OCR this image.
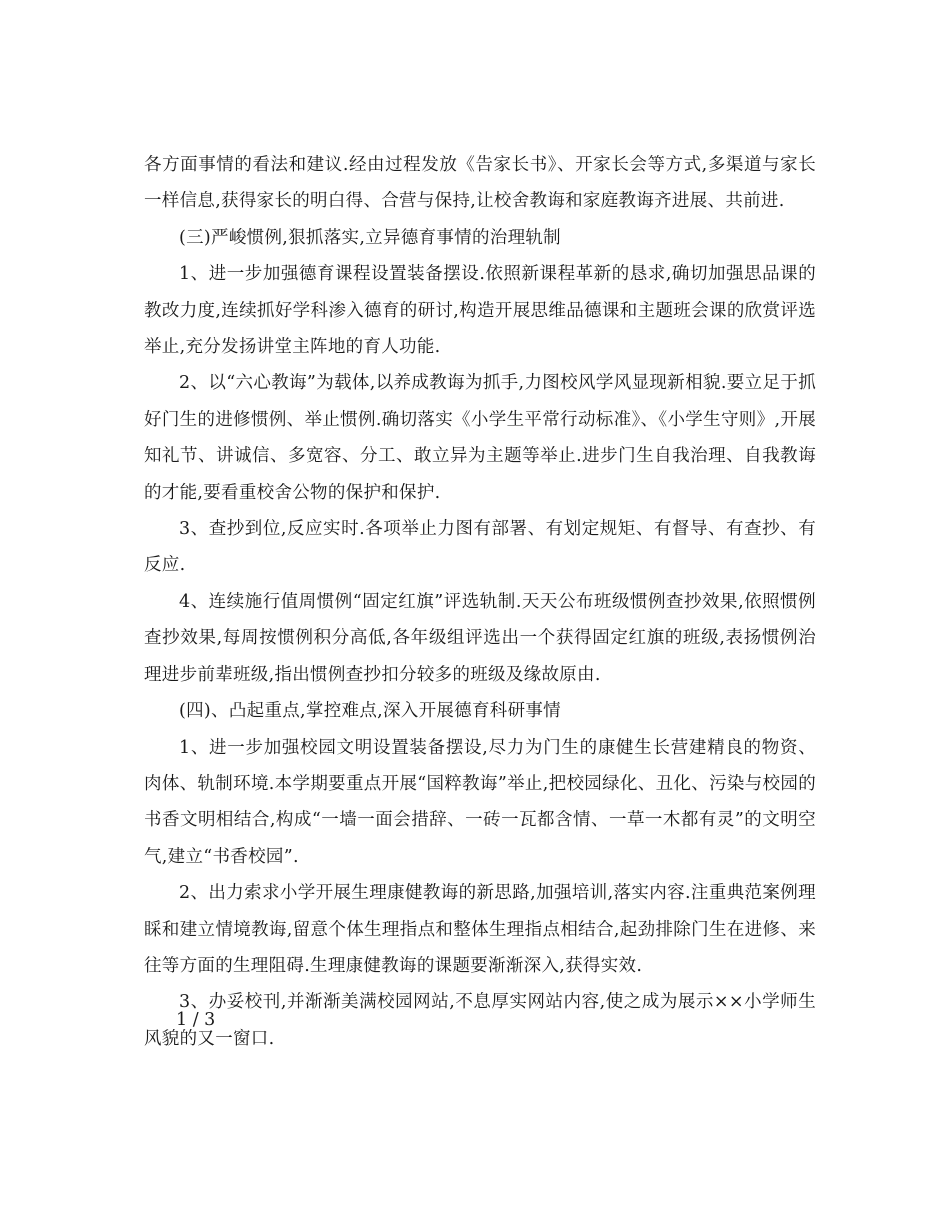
各方面事情的看法和建议.经由过程发放《告家长书》、开家长会等方式,多渠道与家长一样信息,获得家长的明白得、合营与保持,让校舍教诲和家庭教诲齐进展、共前进.

(三)严峻惯例,狠抓落实,立异德育事情的治理轨制

1、进一步加强德育课程设置装备摆设.依照新课程革新的恳求,确切加强思品课的教改力度,连续抓好学科渗入德育的研讨,构造开展思维品德课和主题班会课的欣赏评选举止,充分发扬讲堂主阵地的育人功能.

2、以“六心教诲”为载体,以养成教诲为抓手,力图校风学风显现新相貌.要立足于抓好门生的进修惯例、举止惯例.确切落实《小学生平常行动标准》、《小学生守则》,开展知礼节、讲诚信、多宽容、分工、敢立异为主题等举止.进步门生自我治理、自我教诲的才能,要看重校舍公物的保护和保护.

3、查抄到位,反应实时.各项举止力图有部署、有划定规矩、有督导、有查抄、有反应.

4、连续施行值周惯例“固定红旗”评选轨制.天天公布班级惯例查抄效果,依照惯例查抄效果,每周按惯例积分高低,各年级组评选出一个获得固定红旗的班级,表扬惯例治理进步前辈班级,指出惯例查抄扣分较多的班级及缘故原由.

(四)、凸起重点,掌控难点,深入开展德育科研事情

1、进一步加强校园文明设置装备摆设,尽力为门生的康健生长营建精良的物资、肉体、轨制环境.本学期要重点开展“国粹教诲”举止,把校园绿化、丑化、污染与校园的书香文明相结合,构成“一墙一面会措辞、一砖一瓦都含情、一草一木都有灵”的文明空气,建立“书香校园”.

2、出力索求小学开展生理康健教诲的新思路,加强培训,落实内容.注重典范案例理睬和建立情境教诲,留意个体生理指点和整体生理指点相结合,起劲排除门生在进修、来往等方面的生理阻碍.生理康健教诲的课题要渐渐深入,获得实效.

3、办妥校刊,并渐渐美满校园网站,不息厚实网站内容,使之成为展示××小学师生风貌的又一窗口.

1 / 3
